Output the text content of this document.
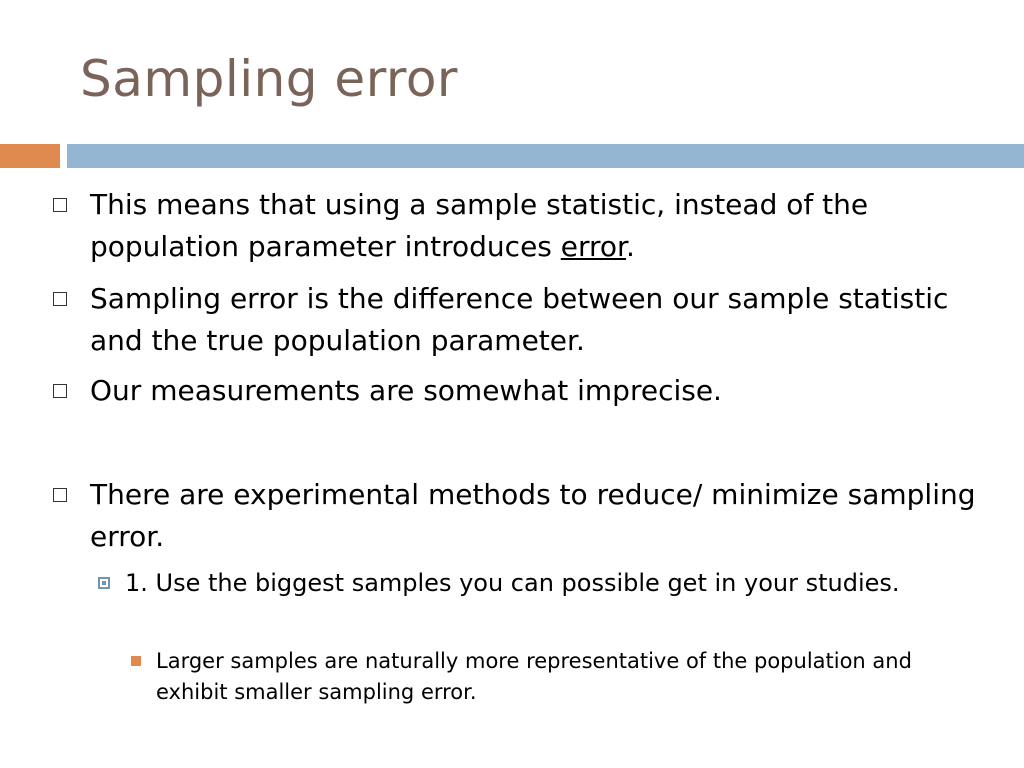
Sampling error
This means that using a sample statistic, instead of the population parameter introduces error.
Sampling error is the difference between our sample statistic and the true population parameter.
Our measurements are somewhat imprecise.
There are experimental methods to reduce/ minimize sampling error.
1. Use the biggest samples you can possible get in your studies.
Larger samples are naturally more representative of the population and exhibit smaller sampling error.
